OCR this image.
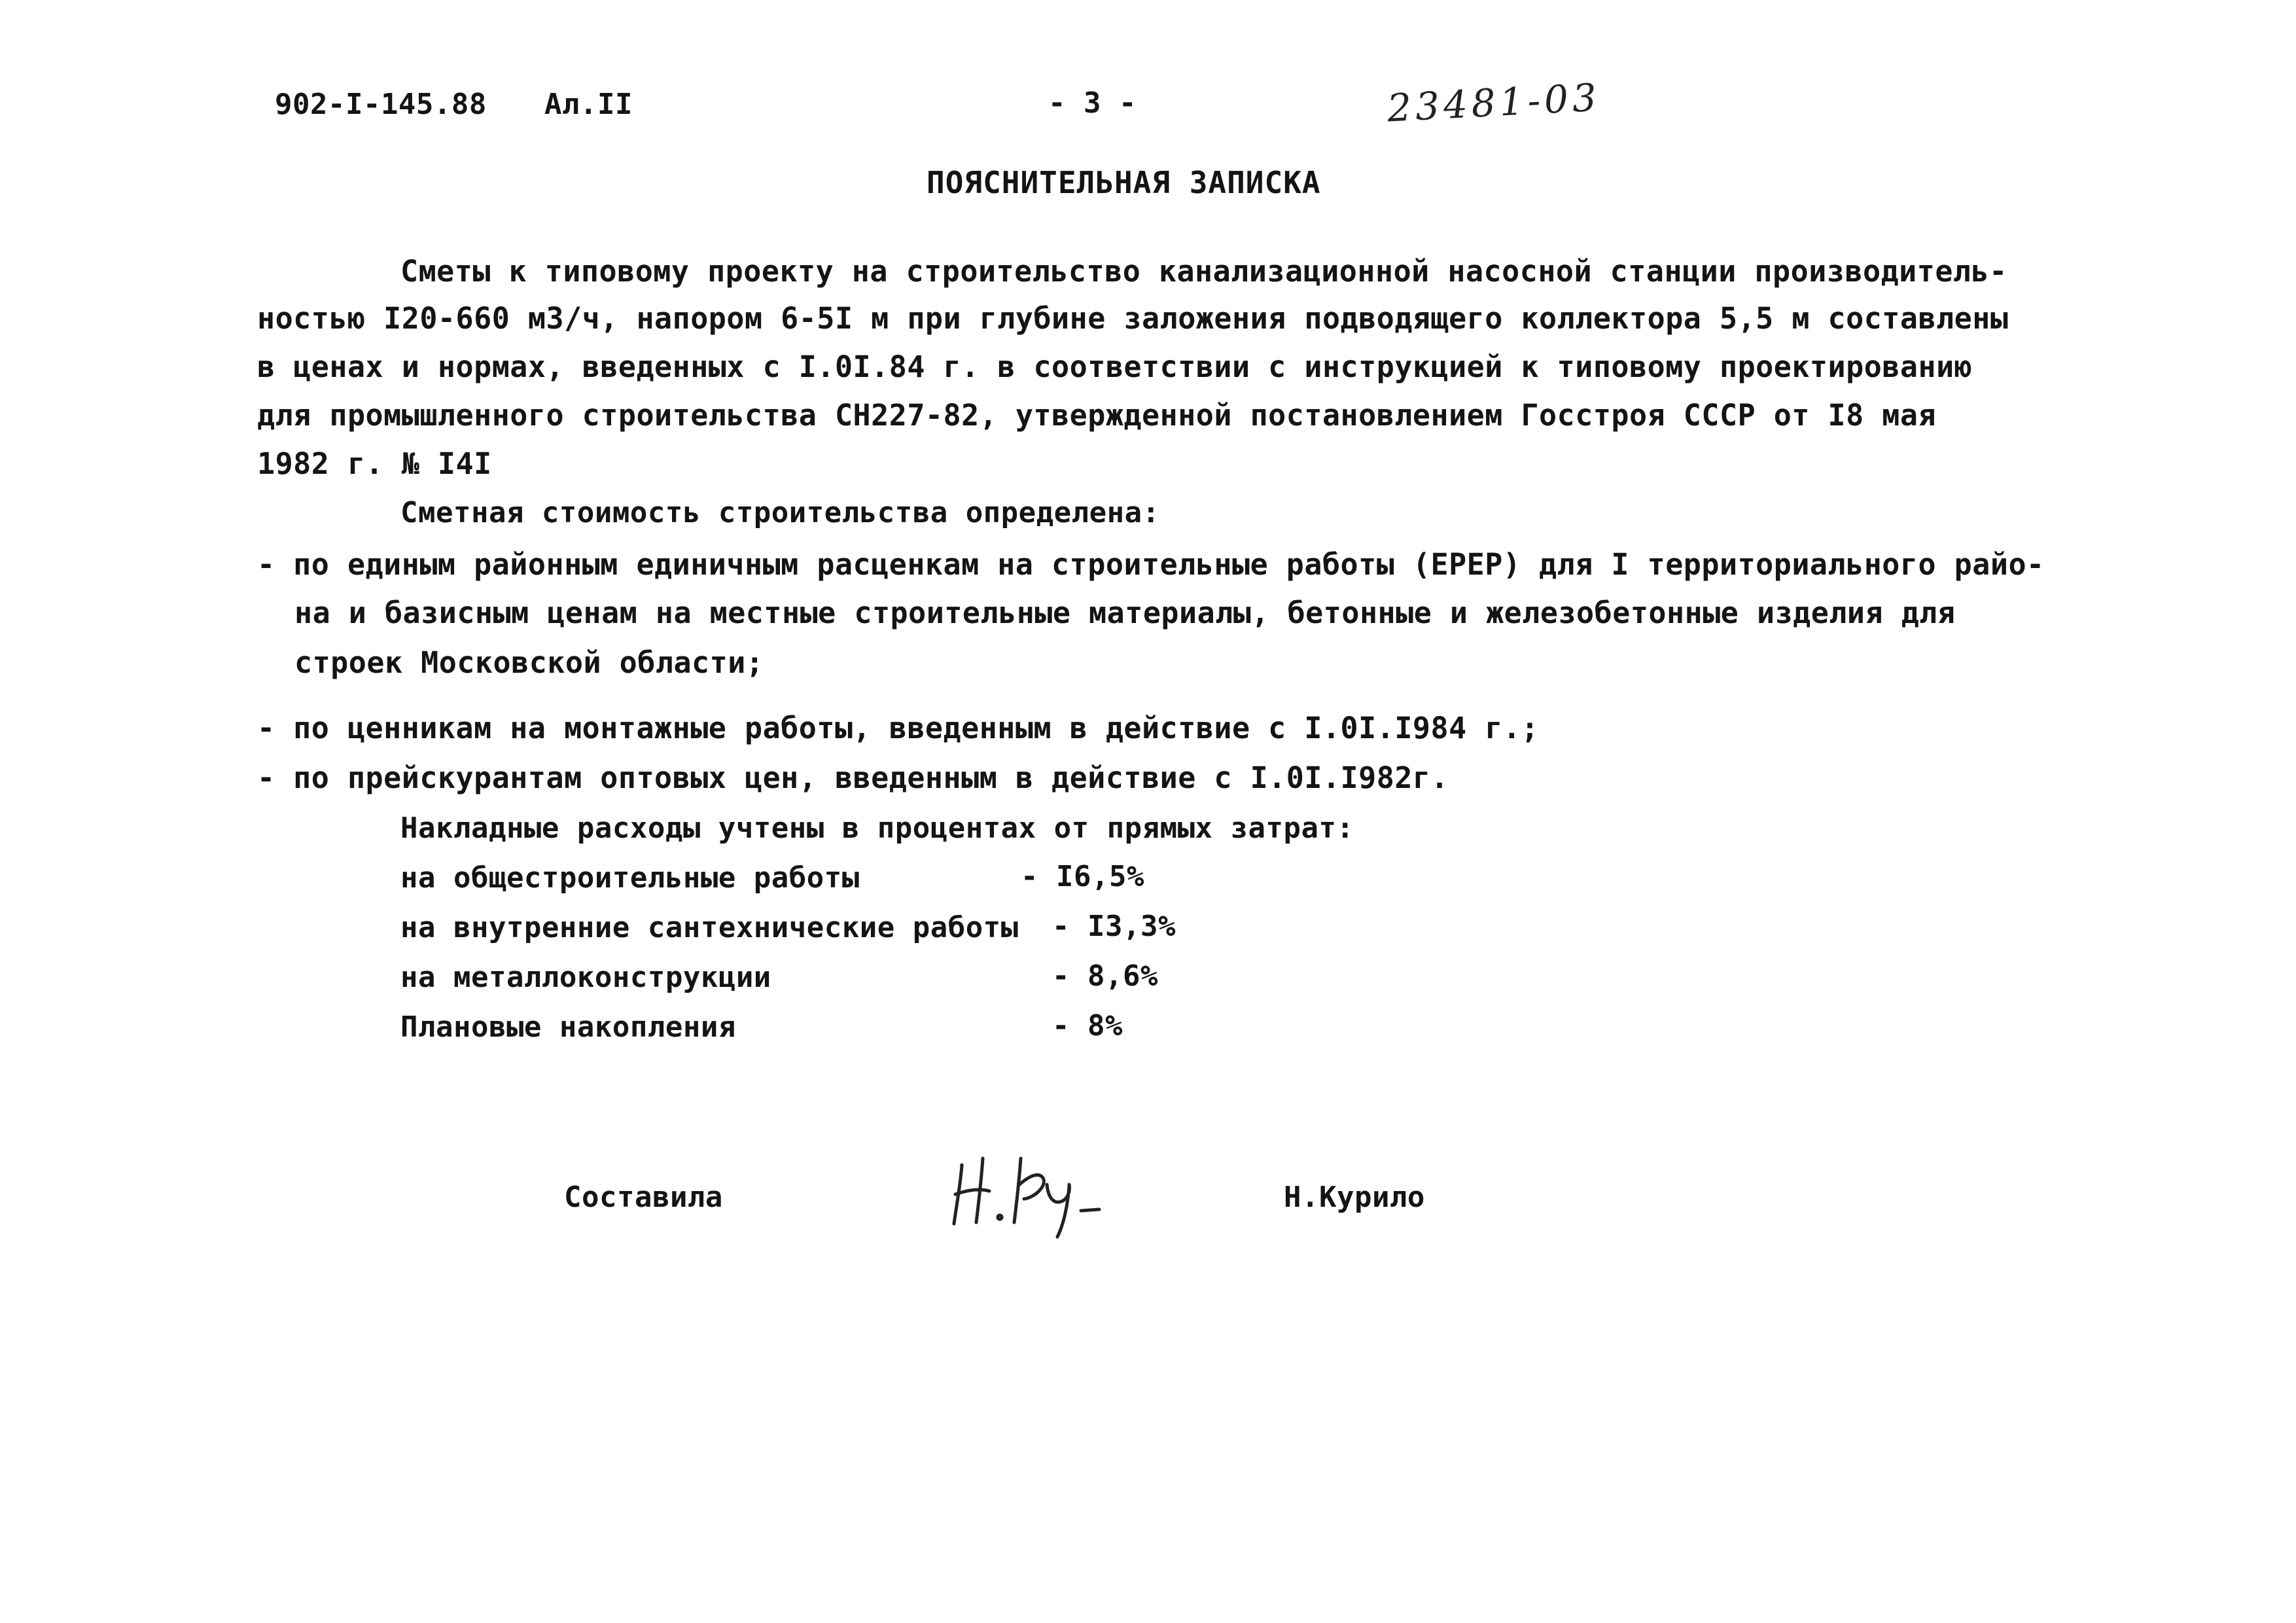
902-I-145.88 Ал.II	- 3 -	23481-03
ПОЯСНИТЕЛЬНАЯ ЗАПИСКА
Сметы к типовому проекту на строительство канализационной насосной станции производитель-
ностью I20-660 м3/ч, напором 6-5I м при глубине заложения подводящего коллектора 5,5 м составлены
в ценах и нормах, введенных с I.0I.84 г. в соответствии с инструкцией к типовому проектированию
для промышленного строительства СН227-82, утвержденной постановлением Госстроя СССР от I8 мая
1982 г. № I4I
Сметная стоимость строительства определена:
- по единым районным единичным расценкам на строительные работы (ЕРЕР) для I территориального райо-
на и базисным ценам на местные строительные материалы, бетонные и железобетонные изделия для
строек Московской области;
- по ценникам на монтажные работы, введенным в действие с I.0I.I984 г.;
- по прейскурантам оптовых цен, введенным в действие с I.0I.I982г.
Накладные расходы учтены в процентах от прямых затрат:
на общестроительные работы	- I6,5%
на внутренние сантехнические работы - I3,3%
на металлоконструкции	- 8,6%
Плановые накопления	- 8%
Составила	Н.Курило
